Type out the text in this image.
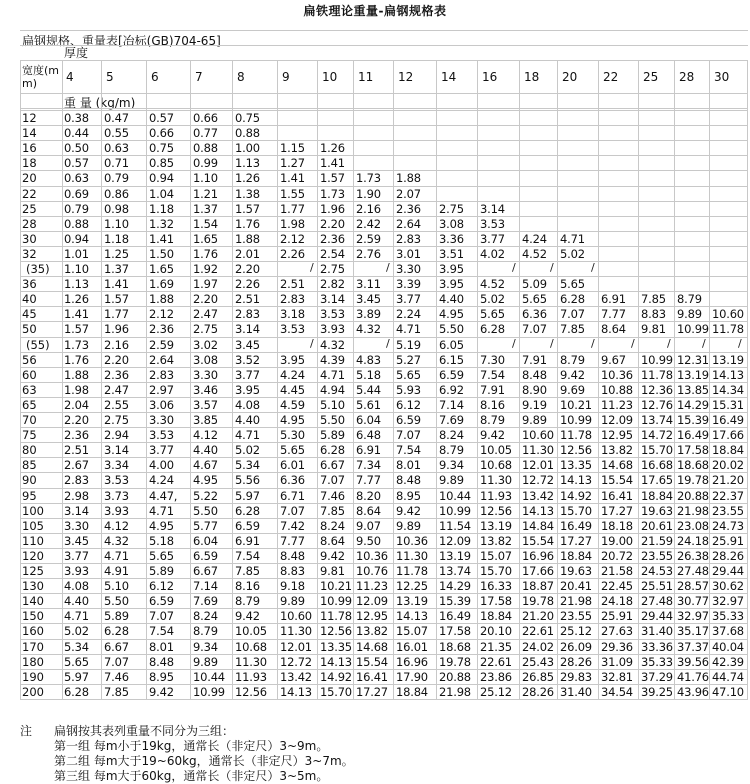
扁铁理论重量-扁钢规格表
扁钢规格、重量表[冶标(GB)704-65]
厚度
宽度(m
m)
重 量 (kg/m)
4	5	6	7	8	9	10 11 12 14 16 18 20 22 25 28 30
12 0.38 0.47 0.57 0.66 0.75
14 0.44 0.55 0.66 0.77 0.88
16 0.50 0.63 0.75 0.88 1.00 1.15 1.26
18 0.57 0.71 0.85 0.99 1.13 1.27 1.41
20 0.63 0.79 0.94 1.10 1.26 1.41 1.57 1.73 1.88
22 0.69 0.86 1.04 1.21 1.38 1.55 1.73 1.90 2.07
25 0.79 0.98 1.18 1.37 1.57 1.77 1.96 2.16 2.36 2.75 3.14
28 0.88 1.10 1.32 1.54 1.76 1.98 2.20 2.42 2.64 3.08 3.53
30 0.94 1.18 1.41 1.65 1.88 2.12 2.36 2.59 2.83 3.36 3.77 4.24 4.71
32 1.01 1.25 1.50 1.76 2.01 2.26 2.54 2.76 3.01 3.51 4.02 4.52 5.02
(35) 1.10 1.37 1.65 1.92 2.20	/ 2.75	/ 3.30 3.95	/	/	/
36 1.13 1.41 1.69 1.97 2.26 2.51 2.82 3.11 3.39 3.95 4.52 5.09 5.65
40 1.26 1.57 1.88 2.20 2.51 2.83 3.14 3.45 3.77 4.40 5.02 5.65 6.28 6.91 7.85 8.79
45 1.41 1.77 2.12 2.47 2.83 3.18 3.53 3.89 2.24 4.95 5.65 6.36 7.07 7.77 8.83 9.89 10.60
50 1.57 1.96 2.36 2.75 3.14 3.53 3.93 4.32 4.71 5.50 6.28 7.07 7.85 8.64 9.81 10.99 11.78
(55) 1.73 2.16 2.59 3.02 3.45	/ 4.32	/ 5.19 6.05	/	/	/	/	/	/	/
56 1.76 2.20 2.64 3.08 3.52 3.95 4.39 4.83 5.27 6.15 7.30 7.91 8.79 9.67 10.99 12.31 13.19
60 1.88 2.36 2.83 3.30 3.77 4.24 4.71 5.18 5.65 6.59 7.54 8.48 9.42 10.36 11.78 13.19 14.13
63 1.98 2.47 2.97 3.46 3.95 4.45 4.94 5.44 5.93 6.92 7.91 8.90 9.69 10.88 12.36 13.85 14.34
65 2.04 2.55 3.06 3.57 4.08 4.59 5.10 5.61 6.12 7.14 8.16 9.19 10.21 11.23 12.76 14.29 15.31
70 2.20 2.75 3.30 3.85 4.40 4.95 5.50 6.04 6.59 7.69 8.79 9.89 10.99 12.09 13.74 15.39 16.49
75 2.36 2.94 3.53 4.12 4.71 5.30 5.89 6.48 7.07 8.24 9.42 10.60 11.78 12.95 14.72 16.49 17.66
80 2.51 3.14 3.77 4.40 5.02 5.65 6.28 6.91 7.54 8.79 10.05 11.30 12.56 13.82 15.70 17.58 18.84
85 2.67 3.34 4.00 4.67 5.34 6.01 6.67 7.34 8.01 9.34 10.68 12.01 13.35 14.68 16.68 18.68 20.02
90 2.83 3.53 4.24 4.95 5.56 6.36 7.07 7.77 8.48 9.89 11.30 12.72 14.13 15.54 17.65 19.78 21.20
95 2.98 3.73 4.47, 5.22 5.97 6.71 7.46 8.20 8.95 10.44 11.93 13.42 14.92 16.41 18.84 20.88 22.37
100 3.14 3.93 4.71 5.50 6.28 7.07 7.85 8.64 9.42 10.99 12.56 14.13 15.70 17.27 19.63 21.98 23.55
105 3.30 4.12 4.95 5.77 6.59 7.42 8.24 9.07 9.89 11.54 13.19 14.84 16.49 18.18 20.61 23.08 24.73
110 3.45 4.32 5.18 6.04 6.91 7.77 8.64 9.50 10.36 12.09 13.82 15.54 17.27 19.00 21.59 24.18 25.91
120 3.77 4.71 5.65 6.59 7.54 8.48 9.42 10.36 11.30 13.19 15.07 16.96 18.84 20.72 23.55 26.38 28.26
125 3.93 4.91 5.89 6.67 7.85 8.83 9.81 10.76 11.78 13.74 15.70 17.66 19.63 21.58 24.53 27.48 29.44
130 4.08 5.10 6.12 7.14 8.16 9.18 10.21 11.23 12.25 14.29 16.33 18.87 20.41 22.45 25.51 28.57 30.62
140 4.40 5.50 6.59 7.69 8.79 9.89 10.99 12.09 13.19 15.39 17.58 19.78 21.98 24.18 27.48 30.77 32.97
150 4.71 5.89 7.07 8.24 9.42 10.60 11.78 12.95 14.13 16.49 18.84 21.20 23.55 25.91 29.44 32.97 35.33
160 5.02 6.28 7.54 8.79 10.05 11.30 12.56 13.82 15.07 17.58 20.10 22.61 25.12 27.63 31.40 35.17 37.68
170 5.34 6.67 8.01 9.34 10.68 12.01 13.35 14.68 16.01 18.68 21.35 24.02 26.09 29.36 33.36 37.37 40.04
180 5.65 7.07 8.48 9.89 11.30 12.72 14.13 15.54 16.96 19.78 22.61 25.43 28.26 31.09 35.33 39.56 42.39
190 5.97 7.46 8.95 10.44 11.93 13.42 14.92 16.41 17.90 20.88 23.86 26.85 29.83 32.81 37.29 41.76 44.74
200 6.28 7.85 9.42 10.99 12.56 14.13 15.70 17.27 18.84 21.98 25.12 28.26 31.40 34.54 39.25 43.96 47.10
注 扁钢按其表列重量不同分为三组：
第一组 每m小于19kg，通常长（非定尺）3~9m。
第二组 每m大于19~60kg，通常长（非定尺）3~7m。
第三组 每m大于60kg，通常长（非定尺）3~5m。
